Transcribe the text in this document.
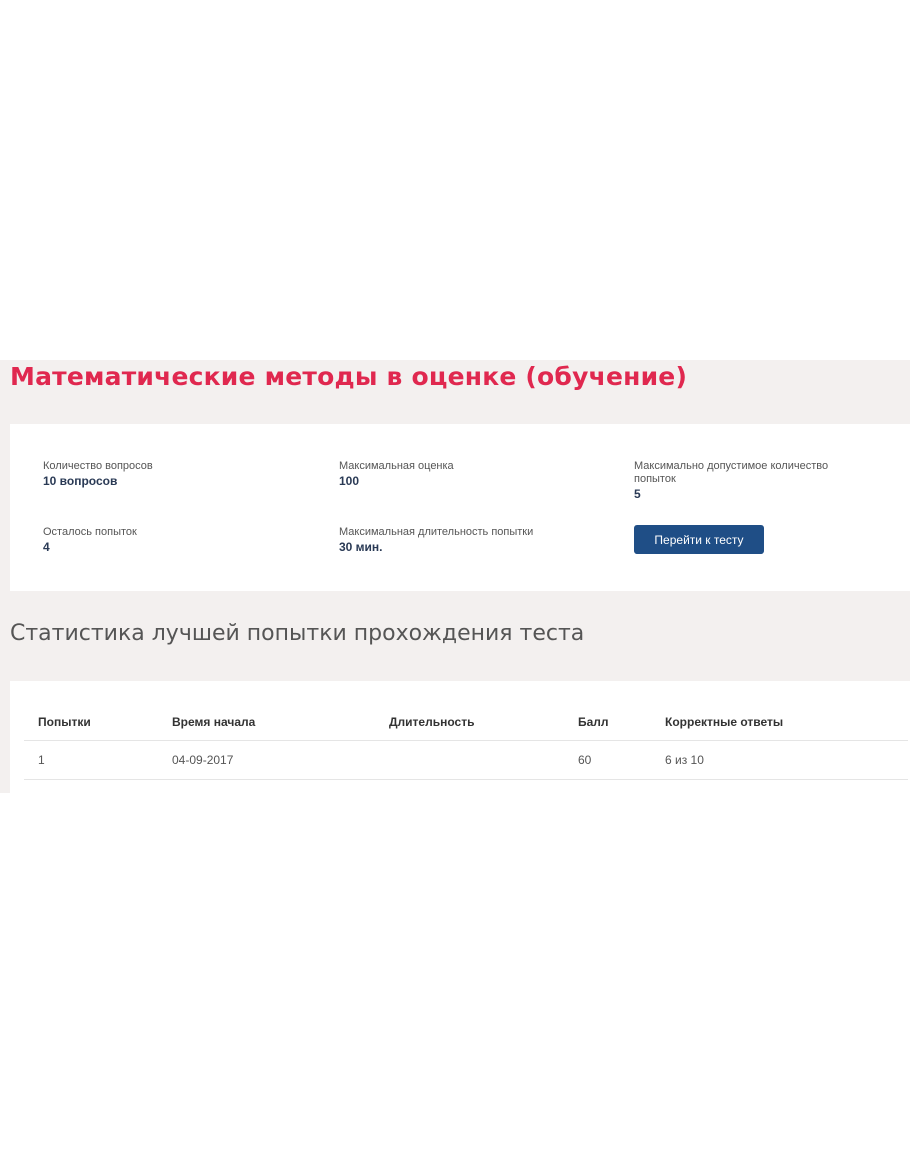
Математические методы в оценке (обучение)
Количество вопросов
10 вопросов
Максимальная оценка
100
Максимально допустимое количество попыток
5
Осталось попыток
4
Максимальная длительность попытки
30 мин.
Перейти к тесту
Статистика лучшей попытки прохождения теста
Попытки	Время начала	Длительность	Балл	Корректные ответы
1	04-09-2017		60	6 из 10
